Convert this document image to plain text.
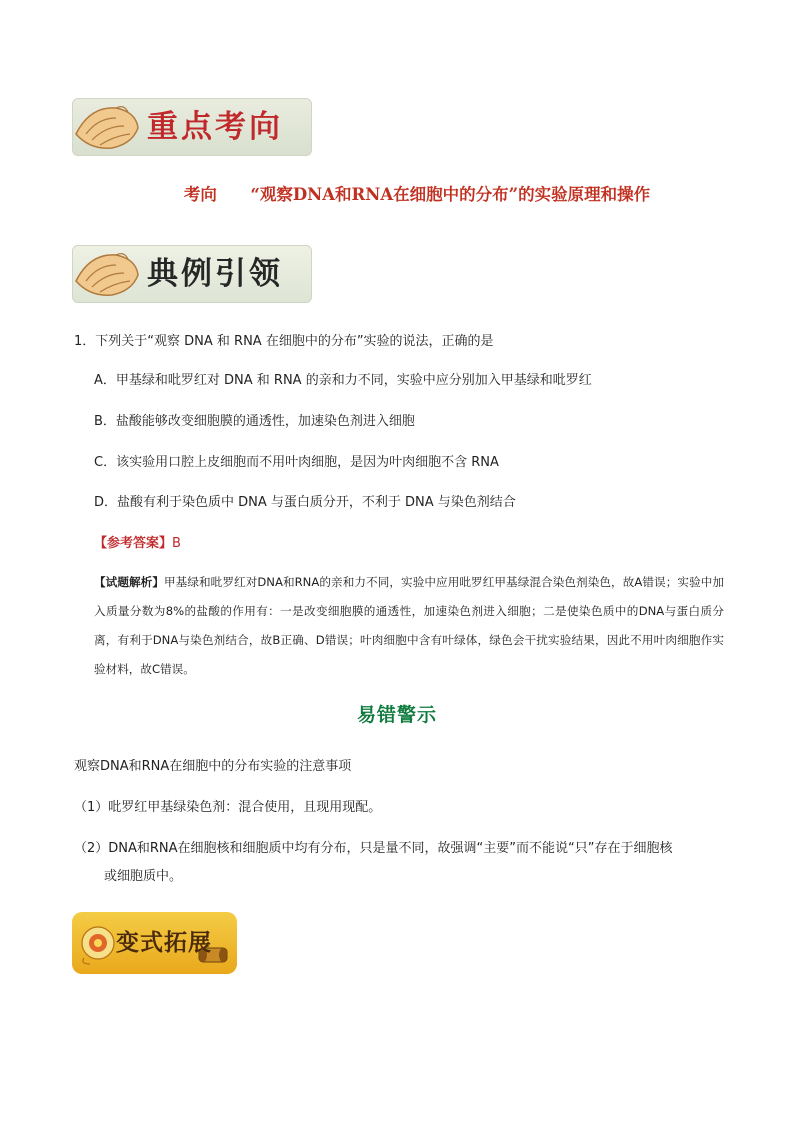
重点考向
考向 “观察DNA和RNA在细胞中的分布”的实验原理和操作
典例引领
1．下列关于“观察 DNA 和 RNA 在细胞中的分布”实验的说法，正确的是
A．甲基绿和吡罗红对 DNA 和 RNA 的亲和力不同，实验中应分别加入甲基绿和吡罗红
B．盐酸能够改变细胞膜的通透性，加速染色剂进入细胞
C．该实验用口腔上皮细胞而不用叶肉细胞，是因为叶肉细胞不含 RNA
D．盐酸有利于染色质中 DNA 与蛋白质分开，不利于 DNA 与染色剂结合
【参考答案】B
【试题解析】甲基绿和吡罗红对DNA和RNA的亲和力不同，实验中应用吡罗红甲基绿混合染色剂染色，故A错误；实验中加入质量分数为8%的盐酸的作用有：一是改变细胞膜的通透性，加速染色剂进入细胞；二是使染色质中的DNA与蛋白质分离，有利于DNA与染色剂结合，故B正确、D错误；叶肉细胞中含有叶绿体，绿色会干扰实验结果，因此不用叶肉细胞作实验材料，故C错误。
易错警示
观察DNA和RNA在细胞中的分布实验的注意事项
（1）吡罗红甲基绿染色剂：混合使用，且现用现配。
（2）DNA和RNA在细胞核和细胞质中均有分布，只是量不同，故强调“主要”而不能说“只”存在于细胞核
或细胞质中。
变式拓展
